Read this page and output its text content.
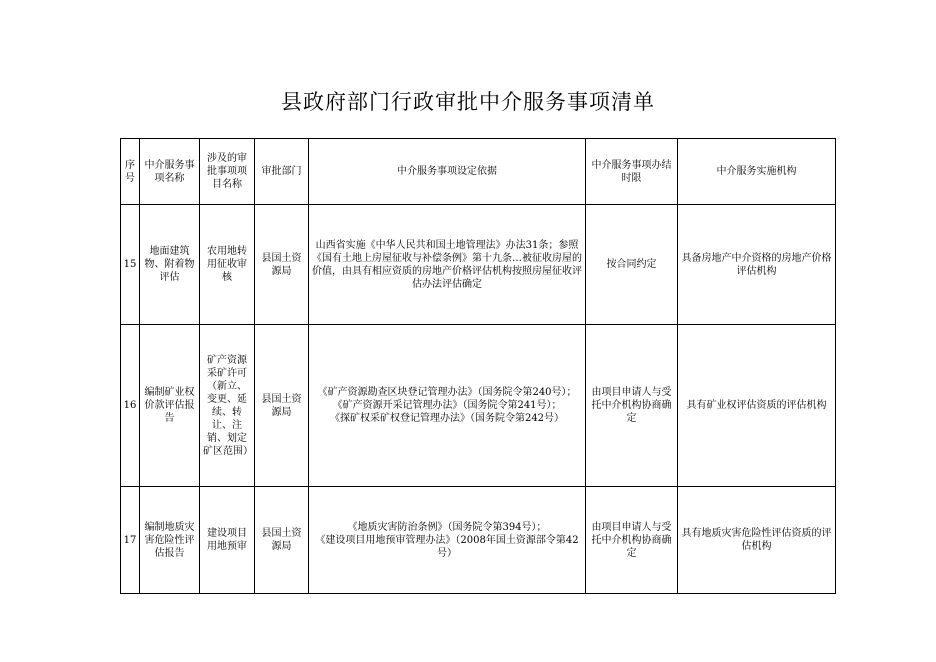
县政府部门行政审批中介服务事项清单
序号	中介服务事项名称	涉及的审批事项项目名称	审批部门	中介服务事项设定依据	中介服务事项办结时限	中介服务实施机构
15	地面建筑物、附着物评估	农用地转用征收审核	县国土资源局	山西省实施《中华人民共和国土地管理法》办法31条；参照《国有土地上房屋征收与补偿条例》第十九条…被征收房屋的价值，由具有相应资质的房地产价格评估机构按照房屋征收评估办法评估确定	按合同约定	具备房地产中介资格的房地产价格评估机构
16	编制矿业权价款评估报告	矿产资源采矿许可（新立、变更、延续、转让、注销、划定矿区范围）	县国土资源局	《矿产资源勘查区块登记管理办法》（国务院令第240号）；
《矿产资源开采记管理办法》（国务院令第241号）；
《探矿权采矿权登记管理办法》（国务院令第242号）	由项目申请人与受托中介机构协商确定	具有矿业权评估资质的评估机构
17	编制地质灾害危险性评估报告	建设项目用地预审	县国土资源局	《地质灾害防治条例》（国务院令第394号）；
《建设项目用地预审管理办法》（2008年国土资源部令第42号）	由项目申请人与受托中介机构协商确定	具有地质灾害危险性评估资质的评估机构
